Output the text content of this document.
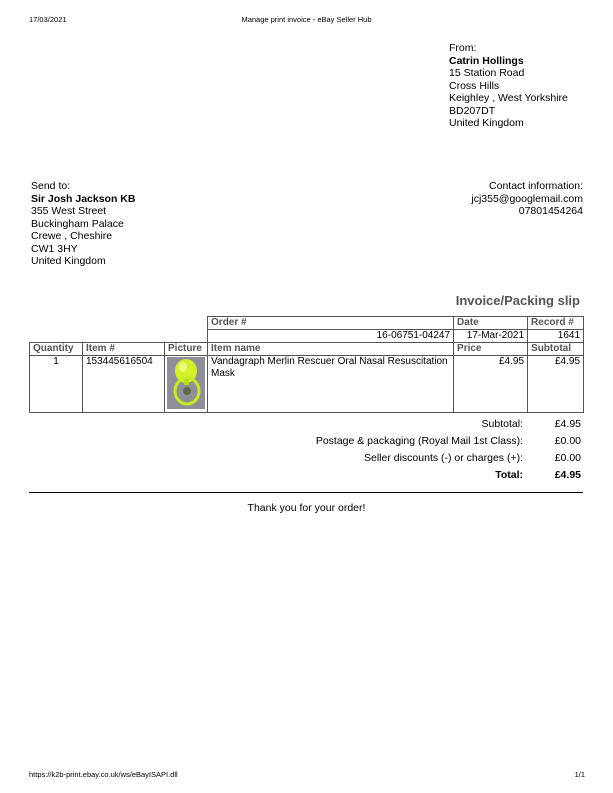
17/03/2021	Manage print invoice - eBay Seller Hub
From:
Catrin Hollings
15 Station Road
Cross Hills
Keighley , West Yorkshire
BD207DT
United Kingdom
Send to:
Sir Josh Jackson KB
355 West Street
Buckingham Palace
Crewe , Cheshire
CW1 3HY
United Kingdom
Contact information:
jcj355@googlemail.com
07801454264
Invoice/Packing slip
			Order #	Date	Record #
			16-06751-04247	17-Mar-2021	1641
Quantity	Item #	Picture	Item name	Price	Subtotal
1	153445616504		Vandagraph Merlin Rescuer Oral Nasal Resuscitation Mask	£4.95	£4.95
Subtotal:	£4.95
Postage & packaging (Royal Mail 1st Class):	£0.00
Seller discounts (-) or charges (+):	£0.00
Total:	£4.95
Thank you for your order!
https://k2b-print.ebay.co.uk/ws/eBayISAPI.dll	1/1
